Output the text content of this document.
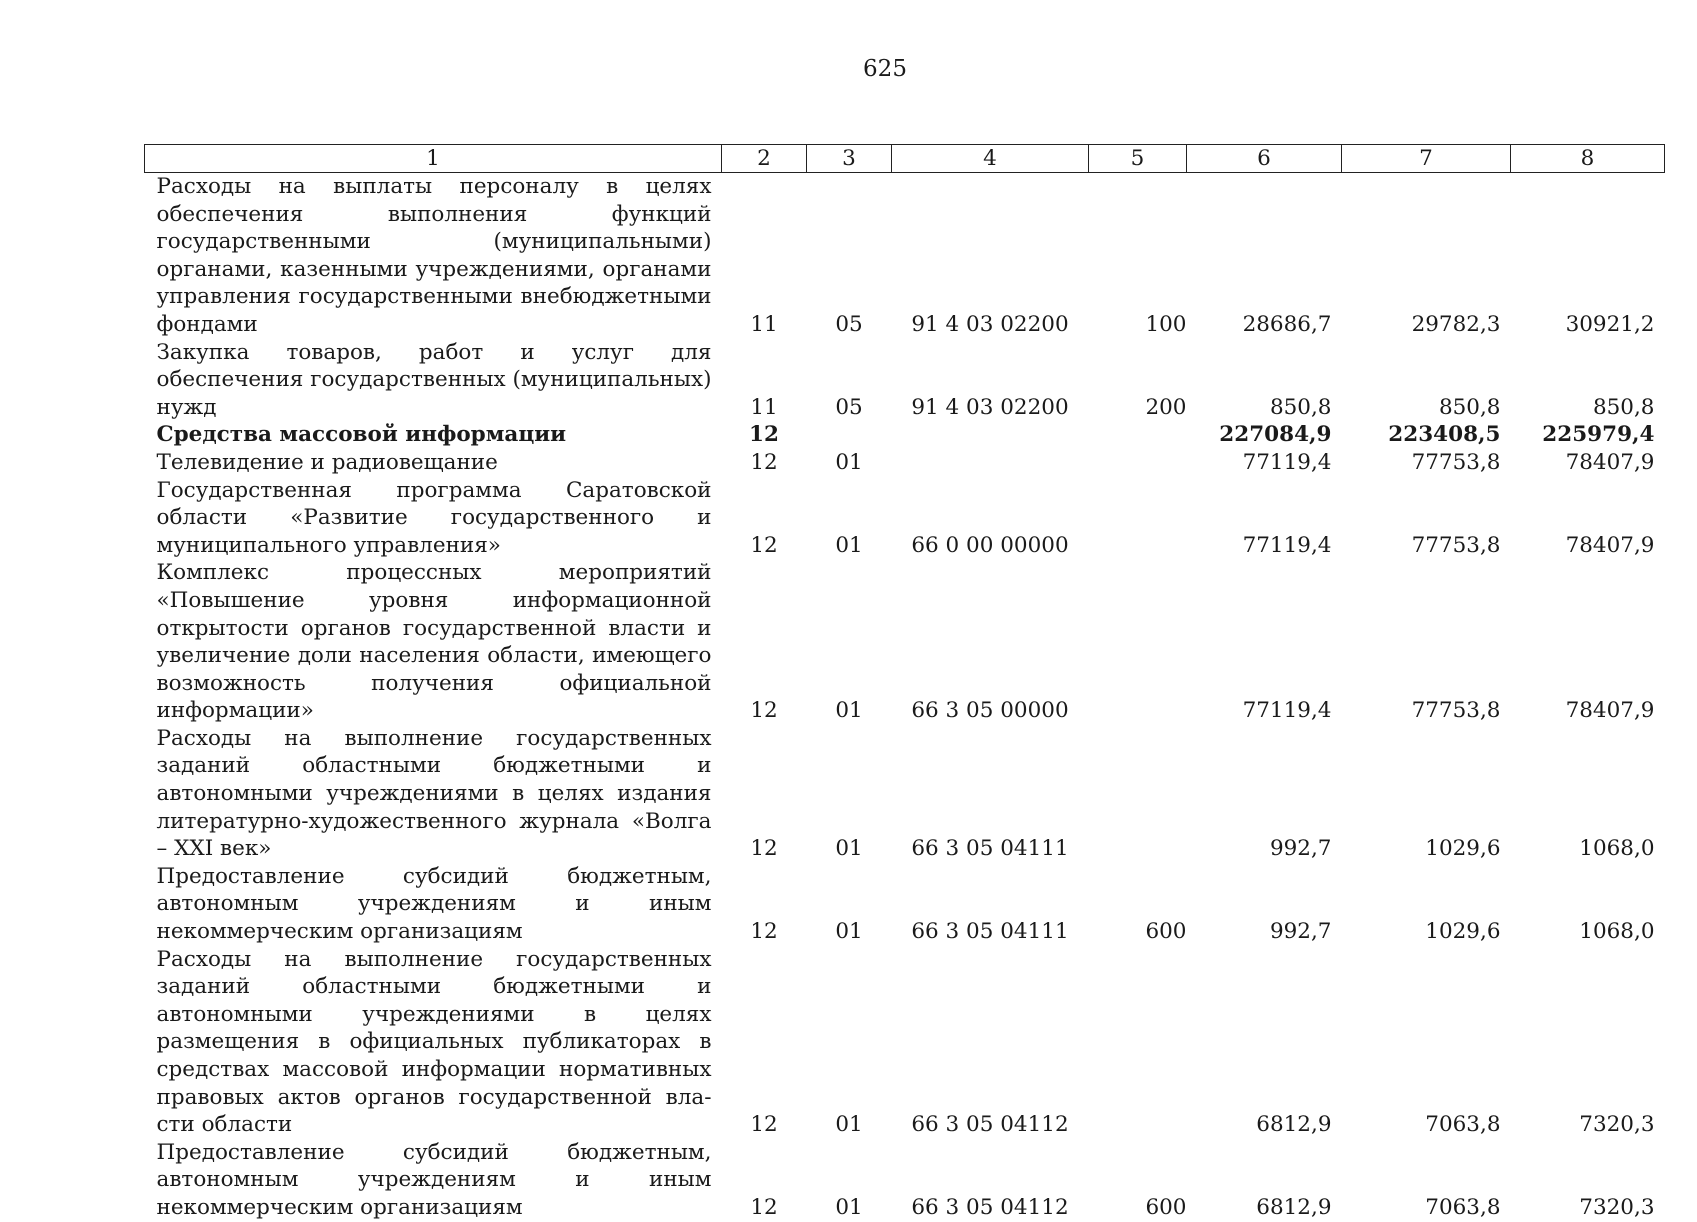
625
1	2	3	4	5	6	7	8
Расходы на выплаты персоналу в целях обеспечения выполнения функций государственными (муниципальными) органами, казенными учреждениями, органами управления государственными внебюджетными фондами	11	05	91 4 03 02200	100	28686,7	29782,3	30921,2
Закупка товаров, работ и услуг для обеспечения государственных (муниципальных) нужд	11	05	91 4 03 02200	200	850,8	850,8	850,8
Средства массовой информации	12				227084,9	223408,5	225979,4
Телевидение и радиовещание	12	01			77119,4	77753,8	78407,9
Государственная программа Саратовской области «Развитие государственного и муниципального управления»	12	01	66 0 00 00000		77119,4	77753,8	78407,9
Комплекс процессных мероприятий «Повышение уровня информационной открытости органов государственной власти и увеличение доли населения области, имеющего возможность получения официальной информации»	12	01	66 3 05 00000		77119,4	77753,8	78407,9
Расходы на выполнение государственных заданий областными бюджетными и автономными учреждениями в целях издания литературно-художественного журнала «Волга – XXI век»	12	01	66 3 05 04111		992,7	1029,6	1068,0
Предоставление субсидий бюджетным, автономным учреждениям и иным некоммерческим организациям	12	01	66 3 05 04111	600	992,7	1029,6	1068,0
Расходы на выполнение государственных заданий областными бюджетными и автономными учреждениями в целях размещения в официальных публикаторах в средствах массовой информации нормативных правовых актов органов государственной власти области	12	01	66 3 05 04112		6812,9	7063,8	7320,3
Предоставление субсидий бюджетным, автономным учреждениям и иным некоммерческим организациям	12	01	66 3 05 04112	600	6812,9	7063,8	7320,3
